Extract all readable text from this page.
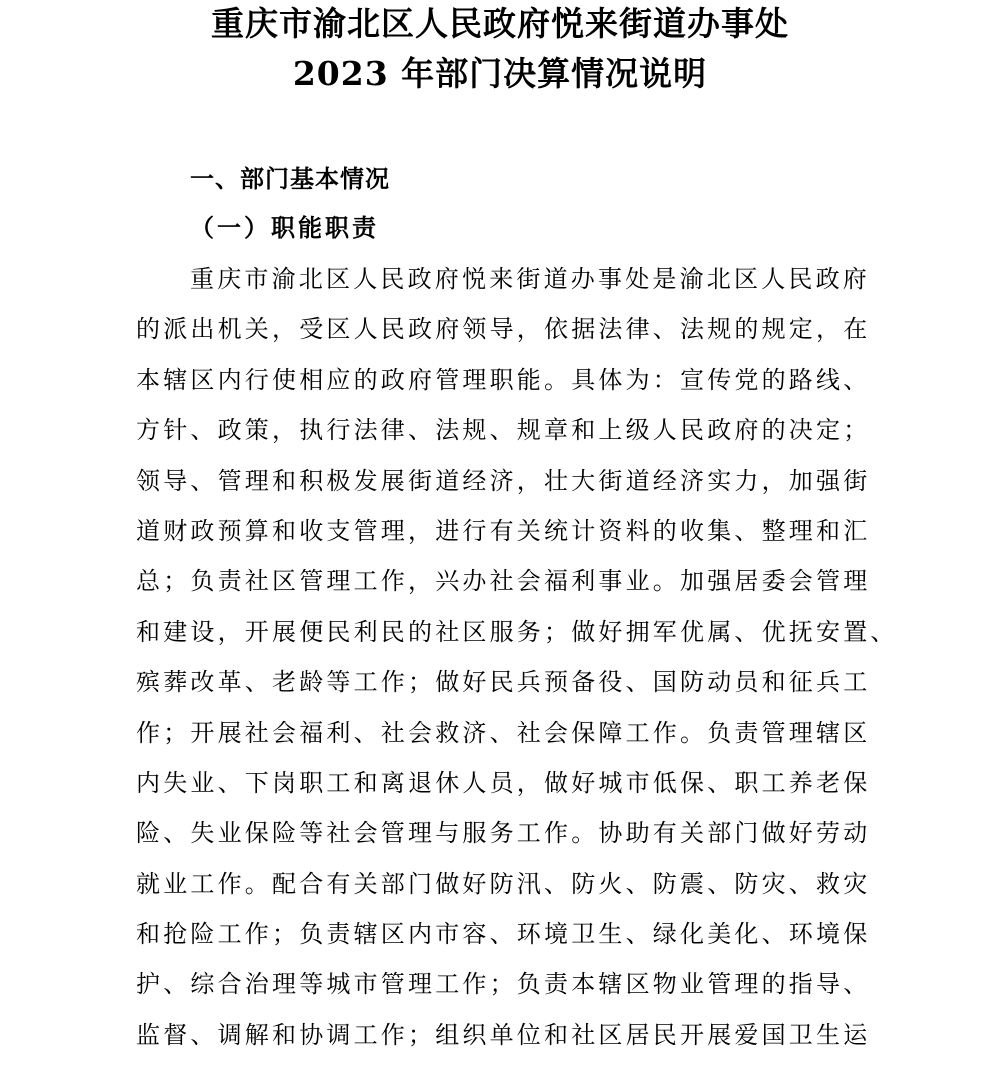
重庆市渝北区人民政府悦来街道办事处
2023 年部门决算情况说明
一、部门基本情况
（一）职能职责
重庆市渝北区人民政府悦来街道办事处是渝北区人民政府
的派出机关，受区人民政府领导，依据法律、法规的规定，在
本辖区内行使相应的政府管理职能。具体为：宣传党的路线、
方针、政策，执行法律、法规、规章和上级人民政府的决定；
领导、管理和积极发展街道经济，壮大街道经济实力，加强街
道财政预算和收支管理，进行有关统计资料的收集、整理和汇
总；负责社区管理工作，兴办社会福利事业。加强居委会管理
和建设，开展便民利民的社区服务；做好拥军优属、优抚安置、
殡葬改革、老龄等工作；做好民兵预备役、国防动员和征兵工
作；开展社会福利、社会救济、社会保障工作。负责管理辖区
内失业、下岗职工和离退休人员，做好城市低保、职工养老保
险、失业保险等社会管理与服务工作。协助有关部门做好劳动
就业工作。配合有关部门做好防汛、防火、防震、防灾、救灾
和抢险工作；负责辖区内市容、环境卫生、绿化美化、环境保
护、综合治理等城市管理工作；负责本辖区物业管理的指导、
监督、调解和协调工作；组织单位和社区居民开展爱国卫生运
